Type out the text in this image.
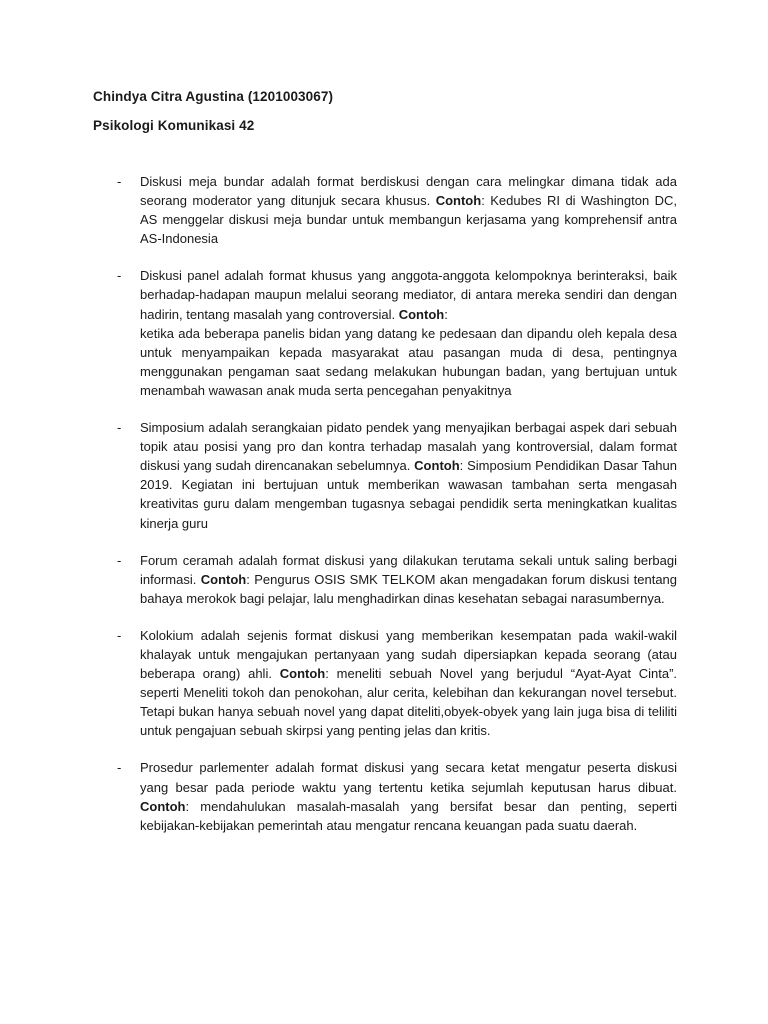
Chindya Citra Agustina (1201003067)
Psikologi Komunikasi 42
- Diskusi meja bundar adalah format berdiskusi dengan cara melingkar dimana tidak ada seorang moderator yang ditunjuk secara khusus. Contoh: Kedubes RI di Washington DC, AS menggelar diskusi meja bundar untuk membangun kerjasama yang komprehensif antra AS-Indonesia
- Diskusi panel adalah format khusus yang anggota-anggota kelompoknya berinteraksi, baik berhadap-hadapan maupun melalui seorang mediator, di antara mereka sendiri dan dengan hadirin, tentang masalah yang controversial. Contoh:
ketika ada beberapa panelis bidan yang datang ke pedesaan dan dipandu oleh kepala desa untuk menyampaikan kepada masyarakat atau pasangan muda di desa, pentingnya menggunakan pengaman saat sedang melakukan hubungan badan, yang bertujuan untuk menambah wawasan anak muda serta pencegahan penyakitnya
- Simposium adalah serangkaian pidato pendek yang menyajikan berbagai aspek dari sebuah topik atau posisi yang pro dan kontra terhadap masalah yang kontroversial, dalam format diskusi yang sudah direncanakan sebelumnya. Contoh: Simposium Pendidikan Dasar Tahun 2019. Kegiatan ini bertujuan untuk memberikan wawasan tambahan serta mengasah kreativitas guru dalam mengemban tugasnya sebagai pendidik serta meningkatkan kualitas kinerja guru
- Forum ceramah adalah format diskusi yang dilakukan terutama sekali untuk saling berbagi informasi. Contoh: Pengurus OSIS SMK TELKOM akan mengadakan forum diskusi tentang bahaya merokok bagi pelajar, lalu menghadirkan dinas kesehatan sebagai narasumbernya.
- Kolokium adalah sejenis format diskusi yang memberikan kesempatan pada wakil-wakil khalayak untuk mengajukan pertanyaan yang sudah dipersiapkan kepada seorang (atau beberapa orang) ahli. Contoh: meneliti sebuah Novel yang berjudul “Ayat-Ayat Cinta”. seperti Meneliti tokoh dan penokohan, alur cerita, kelebihan dan kekurangan novel tersebut. Tetapi bukan hanya sebuah novel yang dapat diteliti,obyek-obyek yang lain juga bisa di teliliti untuk pengajuan sebuah skirpsi yang penting jelas dan kritis.
- Prosedur parlementer adalah format diskusi yang secara ketat mengatur peserta diskusi yang besar pada periode waktu yang tertentu ketika sejumlah keputusan harus dibuat. Contoh: mendahulukan masalah-masalah yang bersifat besar dan penting, seperti kebijakan-kebijakan pemerintah atau mengatur rencana keuangan pada suatu daerah.
